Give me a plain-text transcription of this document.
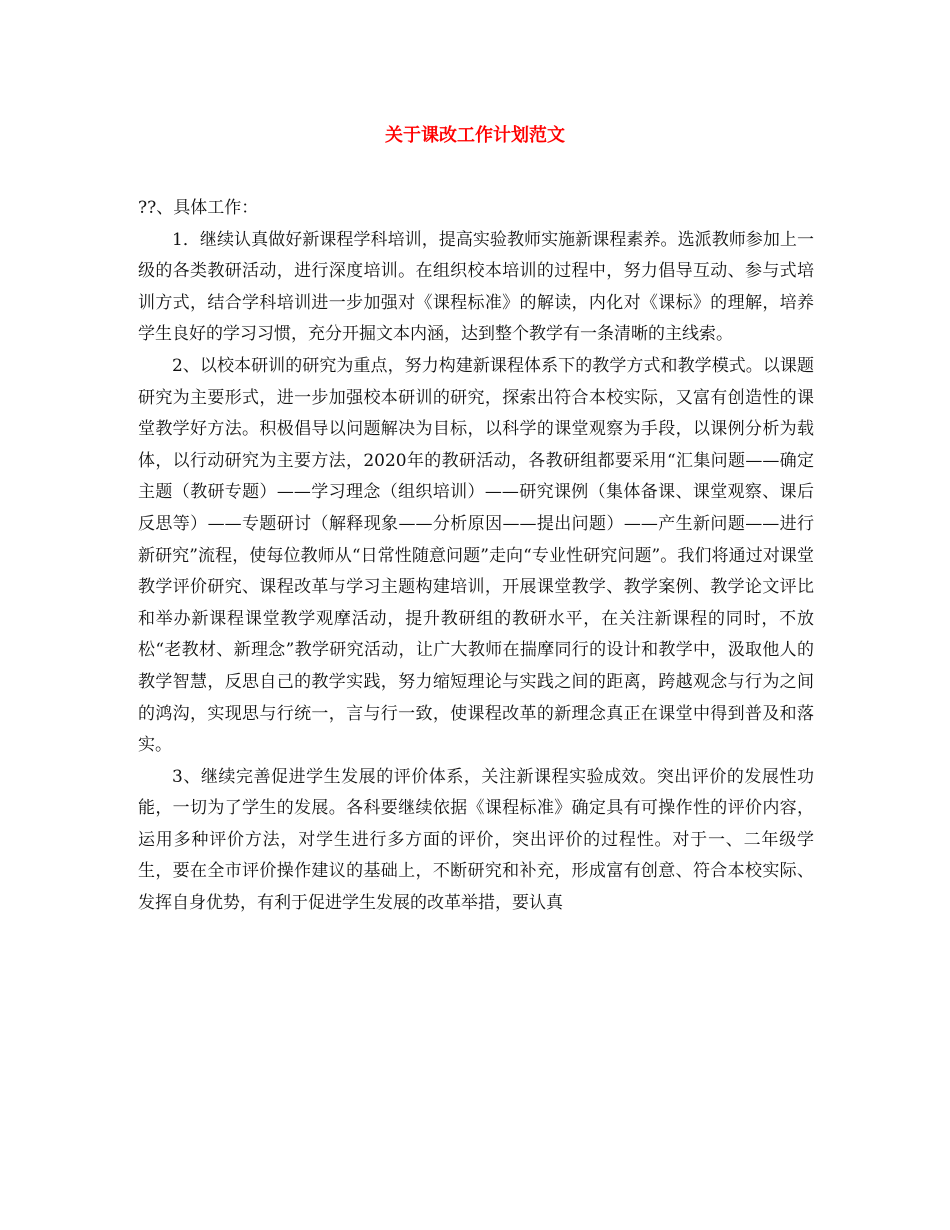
关于课改工作计划范文

??、具体工作：

1．继续认真做好新课程学科培训，提高实验教师实施新课程素养。选派教师参加上一级的各类教研活动，进行深度培训。在组织校本培训的过程中，努力倡导互动、参与式培训方式，结合学科培训进一步加强对《课程标准》的解读，内化对《课标》的理解，培养学生良好的学习习惯，充分开掘文本内涵，达到整个教学有一条清晰的主线索。

2、以校本研训的研究为重点，努力构建新课程体系下的教学方式和教学模式。以课题研究为主要形式，进一步加强校本研训的研究，探索出符合本校实际，又富有创造性的课堂教学好方法。积极倡导以问题解决为目标，以科学的课堂观察为手段，以课例分析为载体，以行动研究为主要方法，2020年的教研活动，各教研组都要采用“汇集问题——确定主题（教研专题）——学习理念（组织培训）——研究课例（集体备课、课堂观察、课后反思等）——专题研讨（解释现象——分析原因——提出问题）——产生新问题——进行新研究”流程，使每位教师从“日常性随意问题”走向“专业性研究问题”。我们将通过对课堂教学评价研究、课程改革与学习主题构建培训，开展课堂教学、教学案例、教学论文评比和举办新课程课堂教学观摩活动，提升教研组的教研水平，在关注新课程的同时，不放松“老教材、新理念”教学研究活动，让广大教师在揣摩同行的设计和教学中，汲取他人的教学智慧，反思自己的教学实践，努力缩短理论与实践之间的距离，跨越观念与行为之间的鸿沟，实现思与行统一，言与行一致，使课程改革的新理念真正在课堂中得到普及和落实。

3、继续完善促进学生发展的评价体系，关注新课程实验成效。突出评价的发展性功能，一切为了学生的发展。各科要继续依据《课程标准》确定具有可操作性的评价内容，运用多种评价方法，对学生进行多方面的评价，突出评价的过程性。对于一、二年级学生，要在全市评价操作建议的基础上，不断研究和补充，形成富有创意、符合本校实际、发挥自身优势，有利于促进学生发展的改革举措，要认真
